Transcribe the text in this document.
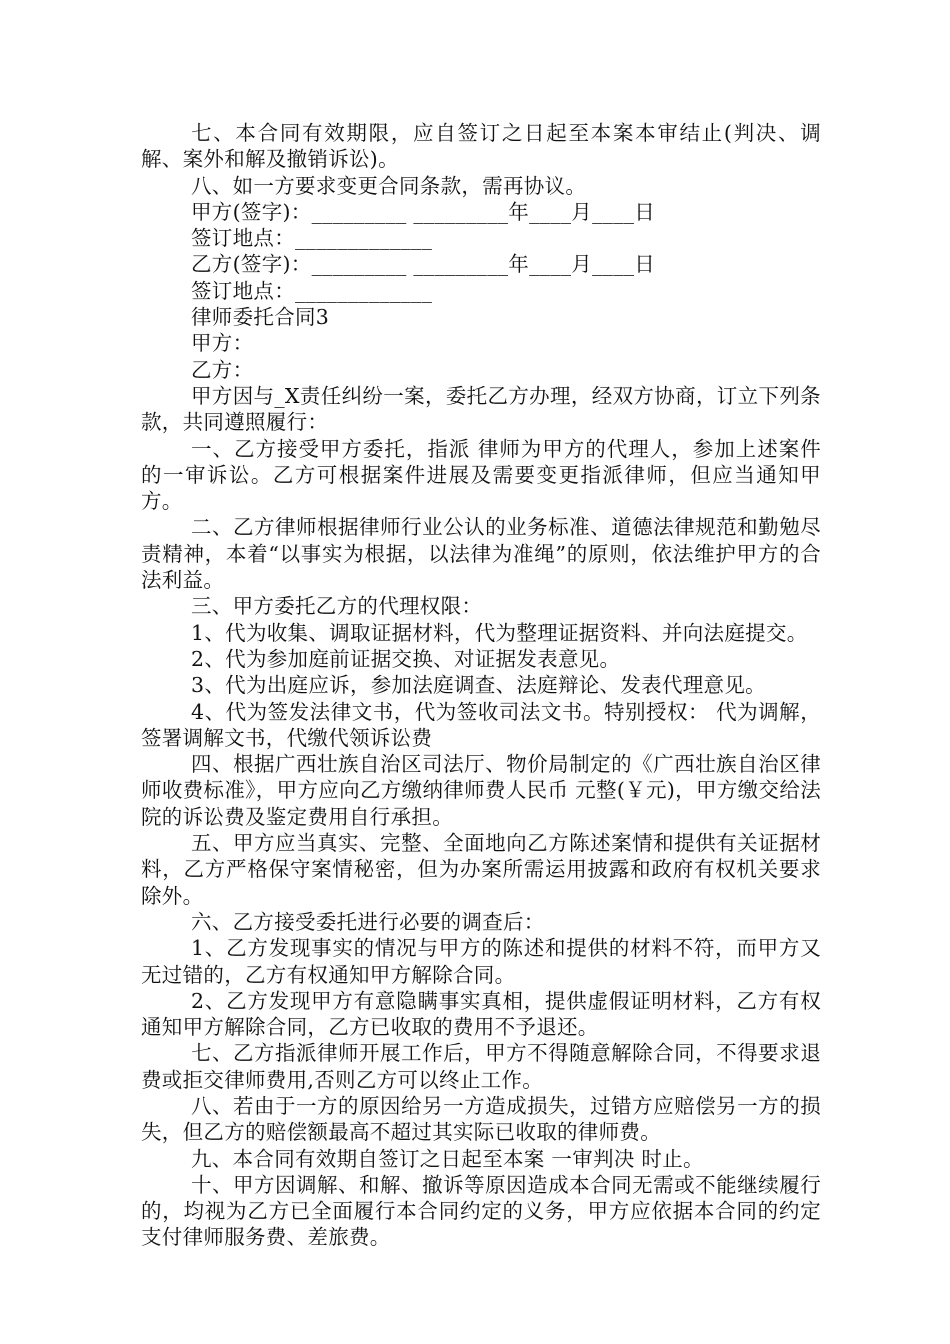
七、本合同有效期限，应自签订之日起至本案本审结止(判决、调解、案外和解及撤销诉讼)。

八、如一方要求变更合同条款，需再协议。

甲方(签字)：_________ _________年____月____日

签订地点：_____________

乙方(签字)：_________ _________年____月____日

签订地点：_____________

律师委托合同3

甲方：

乙方：

甲方因与_X责任纠纷一案，委托乙方办理，经双方协商，订立下列条款，共同遵照履行：

一、乙方接受甲方委托，指派 律师为甲方的代理人，参加上述案件的一审诉讼。乙方可根据案件进展及需要变更指派律师，但应当通知甲方。

二、乙方律师根据律师行业公认的业务标准、道德法律规范和勤勉尽责精神，本着“以事实为根据，以法律为准绳”的原则，依法维护甲方的合法利益。

三、甲方委托乙方的代理权限：

1、代为收集、调取证据材料，代为整理证据资料、并向法庭提交。

2、代为参加庭前证据交换、对证据发表意见。

3、代为出庭应诉，参加法庭调查、法庭辩论、发表代理意见。

4、代为签发法律文书，代为签收司法文书。特别授权： 代为调解，签署调解文书，代缴代领诉讼费

四、根据广西壮族自治区司法厅、物价局制定的《广西壮族自治区律师收费标准》，甲方应向乙方缴纳律师费人民币 元整(￥元)，甲方缴交给法院的诉讼费及鉴定费用自行承担。

五、甲方应当真实、完整、全面地向乙方陈述案情和提供有关证据材料，乙方严格保守案情秘密，但为办案所需运用披露和政府有权机关要求除外。

六、乙方接受委托进行必要的调查后：

1、乙方发现事实的情况与甲方的陈述和提供的材料不符，而甲方又无过错的，乙方有权通知甲方解除合同。

2、乙方发现甲方有意隐瞒事实真相，提供虚假证明材料，乙方有权通知甲方解除合同，乙方已收取的费用不予退还。

七、乙方指派律师开展工作后，甲方不得随意解除合同，不得要求退费或拒交律师费用,否则乙方可以终止工作。

八、若由于一方的原因给另一方造成损失，过错方应赔偿另一方的损失，但乙方的赔偿额最高不超过其实际已收取的律师费。

九、本合同有效期自签订之日起至本案 一审判决 时止。

十、甲方因调解、和解、撤诉等原因造成本合同无需或不能继续履行的，均视为乙方已全面履行本合同约定的义务，甲方应依据本合同的约定支付律师服务费、差旅费。
